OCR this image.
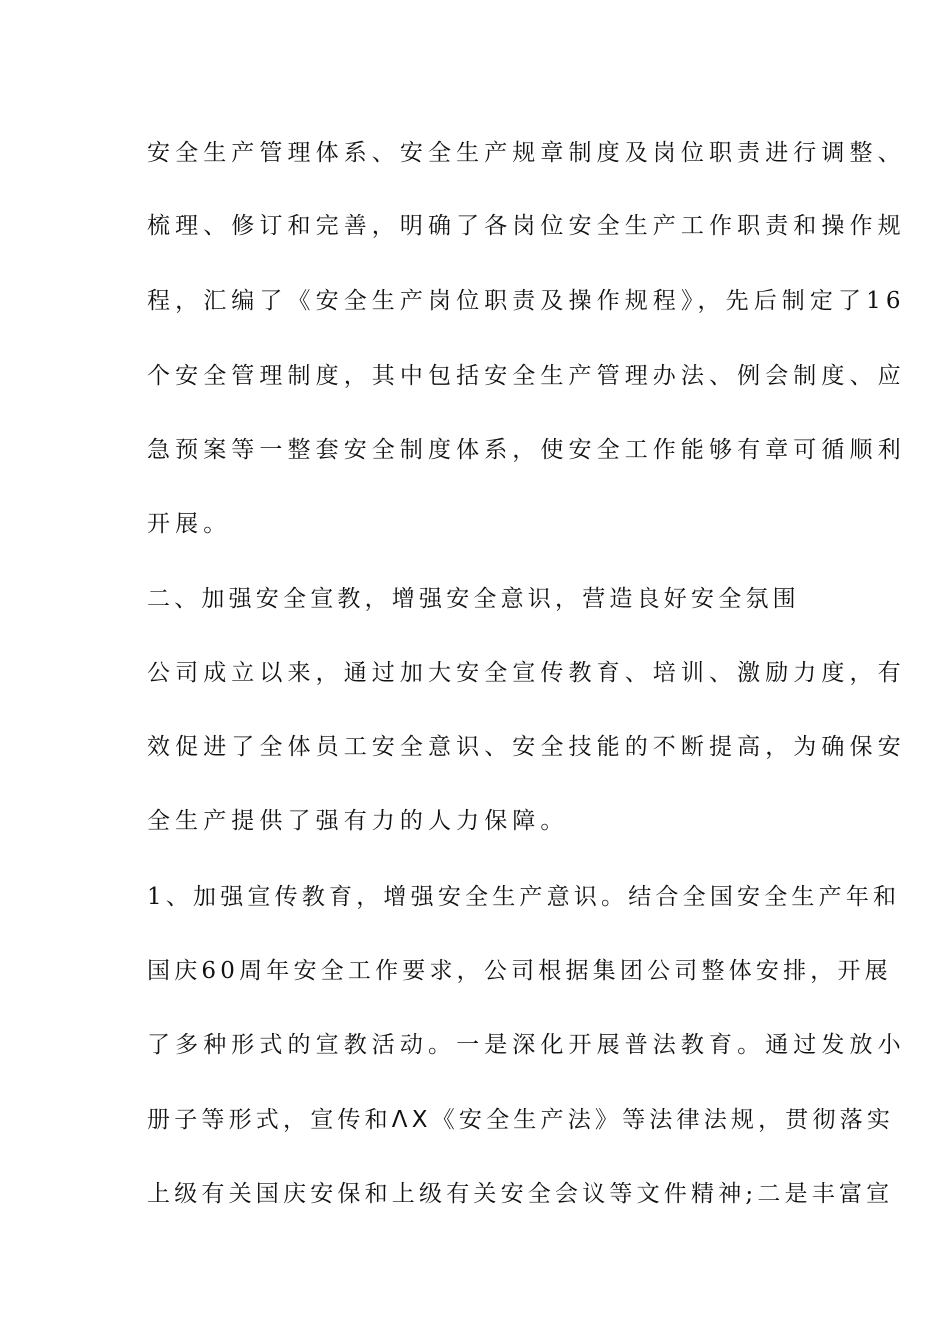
安全生产管理体系、安全生产规章制度及岗位职责进行调整、
梳理、修订和完善，明确了各岗位安全生产工作职责和操作规
程，汇编了《安全生产岗位职责及操作规程》，先后制定了16
个安全管理制度，其中包括安全生产管理办法、例会制度、应
急预案等一整套安全制度体系，使安全工作能够有章可循顺利
开展。
二、加强安全宣教，增强安全意识，营造良好安全氛围
公司成立以来，通过加大安全宣传教育、培训、激励力度，有
效促进了全体员工安全意识、安全技能的不断提高，为确保安
全生产提供了强有力的人力保障。
1、加强宣传教育，增强安全生产意识。结合全国安全生产年和
国庆60周年安全工作要求，公司根据集团公司整体安排，开展
了多种形式的宣教活动。一是深化开展普法教育。通过发放小
册子等形式，宣传和ꓥꓫ《安全生产法》等法律法规，贯彻落实
上级有关国庆安保和上级有关安全会议等文件精神;二是丰富宣
